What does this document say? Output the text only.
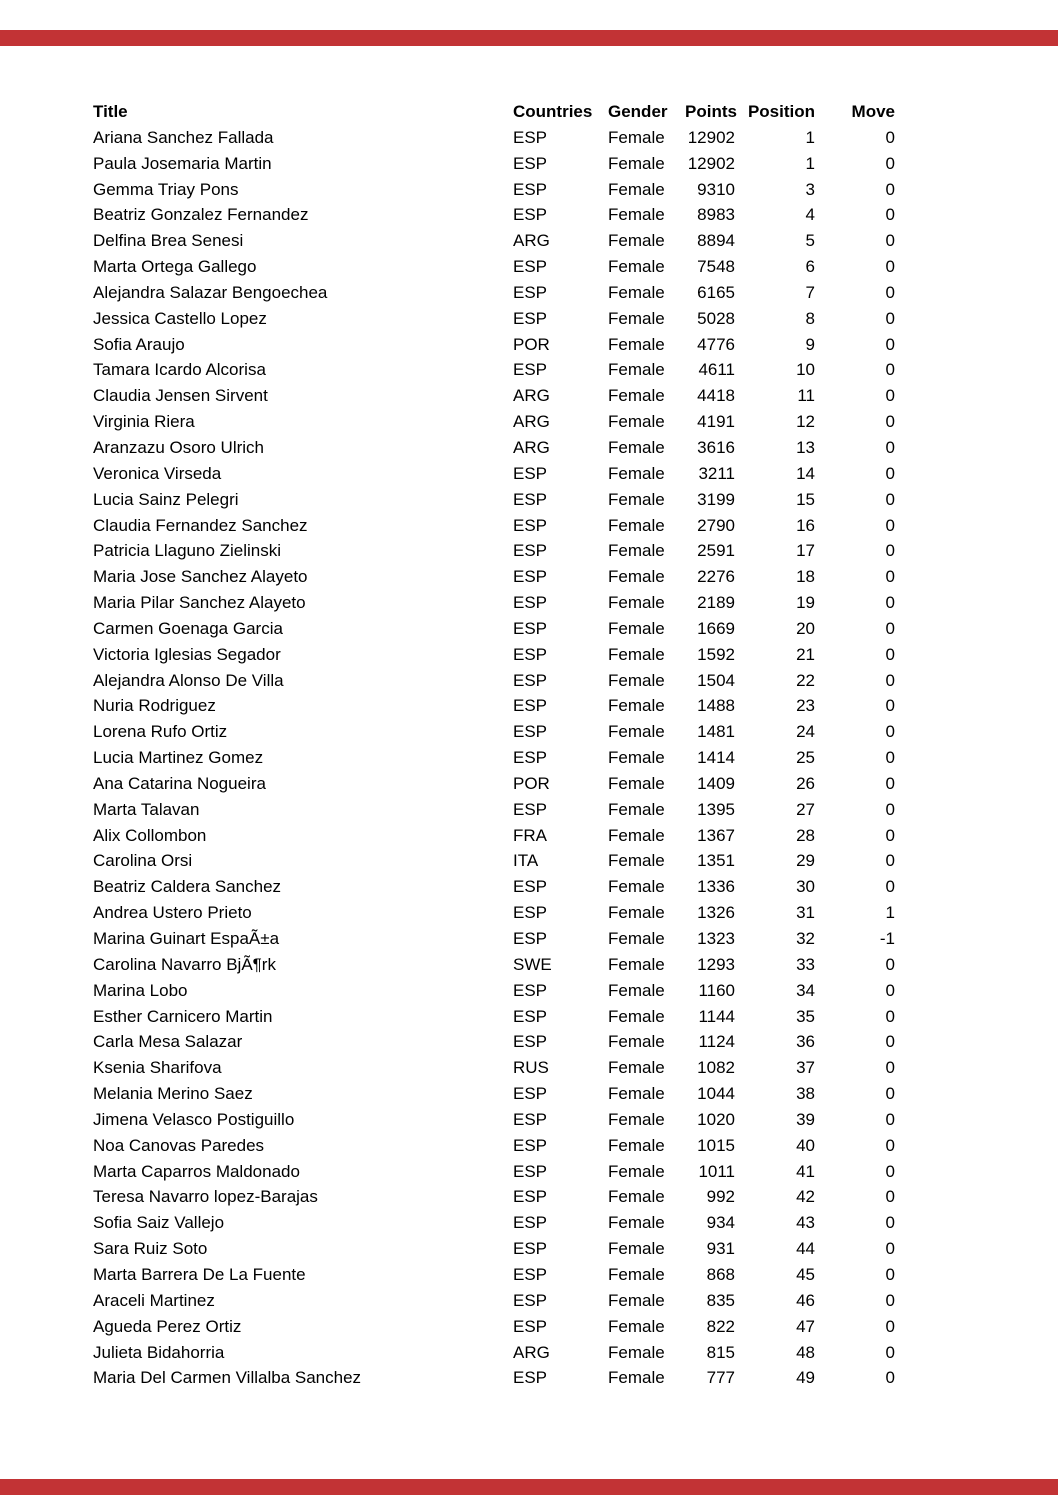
Title	Countries	Gender	Points	Position	Move
Ariana Sanchez Fallada	ESP	Female	12902	1	0
Paula Josemaria Martin	ESP	Female	12902	1	0
Gemma Triay Pons	ESP	Female	9310	3	0
Beatriz Gonzalez Fernandez	ESP	Female	8983	4	0
Delfina Brea Senesi	ARG	Female	8894	5	0
Marta Ortega Gallego	ESP	Female	7548	6	0
Alejandra Salazar Bengoechea	ESP	Female	6165	7	0
Jessica Castello Lopez	ESP	Female	5028	8	0
Sofia Araujo	POR	Female	4776	9	0
Tamara Icardo Alcorisa	ESP	Female	4611	10	0
Claudia Jensen Sirvent	ARG	Female	4418	11	0
Virginia Riera	ARG	Female	4191	12	0
Aranzazu Osoro Ulrich	ARG	Female	3616	13	0
Veronica Virseda	ESP	Female	3211	14	0
Lucia Sainz Pelegri	ESP	Female	3199	15	0
Claudia Fernandez Sanchez	ESP	Female	2790	16	0
Patricia Llaguno Zielinski	ESP	Female	2591	17	0
Maria Jose Sanchez Alayeto	ESP	Female	2276	18	0
Maria Pilar Sanchez Alayeto	ESP	Female	2189	19	0
Carmen Goenaga Garcia	ESP	Female	1669	20	0
Victoria Iglesias Segador	ESP	Female	1592	21	0
Alejandra Alonso De Villa	ESP	Female	1504	22	0
Nuria Rodriguez	ESP	Female	1488	23	0
Lorena Rufo Ortiz	ESP	Female	1481	24	0
Lucia Martinez Gomez	ESP	Female	1414	25	0
Ana Catarina Nogueira	POR	Female	1409	26	0
Marta Talavan	ESP	Female	1395	27	0
Alix Collombon	FRA	Female	1367	28	0
Carolina Orsi	ITA	Female	1351	29	0
Beatriz Caldera Sanchez	ESP	Female	1336	30	0
Andrea Ustero Prieto	ESP	Female	1326	31	1
Marina Guinart EspaÃ±a	ESP	Female	1323	32	-1
Carolina Navarro BjÃ¶rk	SWE	Female	1293	33	0
Marina Lobo	ESP	Female	1160	34	0
Esther Carnicero Martin	ESP	Female	1144	35	0
Carla Mesa Salazar	ESP	Female	1124	36	0
Ksenia Sharifova	RUS	Female	1082	37	0
Melania Merino Saez	ESP	Female	1044	38	0
Jimena Velasco Postiguillo	ESP	Female	1020	39	0
Noa Canovas Paredes	ESP	Female	1015	40	0
Marta Caparros Maldonado	ESP	Female	1011	41	0
Teresa Navarro lopez-Barajas	ESP	Female	992	42	0
Sofia Saiz Vallejo	ESP	Female	934	43	0
Sara Ruiz Soto	ESP	Female	931	44	0
Marta Barrera De La Fuente	ESP	Female	868	45	0
Araceli Martinez	ESP	Female	835	46	0
Agueda Perez Ortiz	ESP	Female	822	47	0
Julieta Bidahorria	ARG	Female	815	48	0
Maria Del Carmen Villalba Sanchez	ESP	Female	777	49	0
